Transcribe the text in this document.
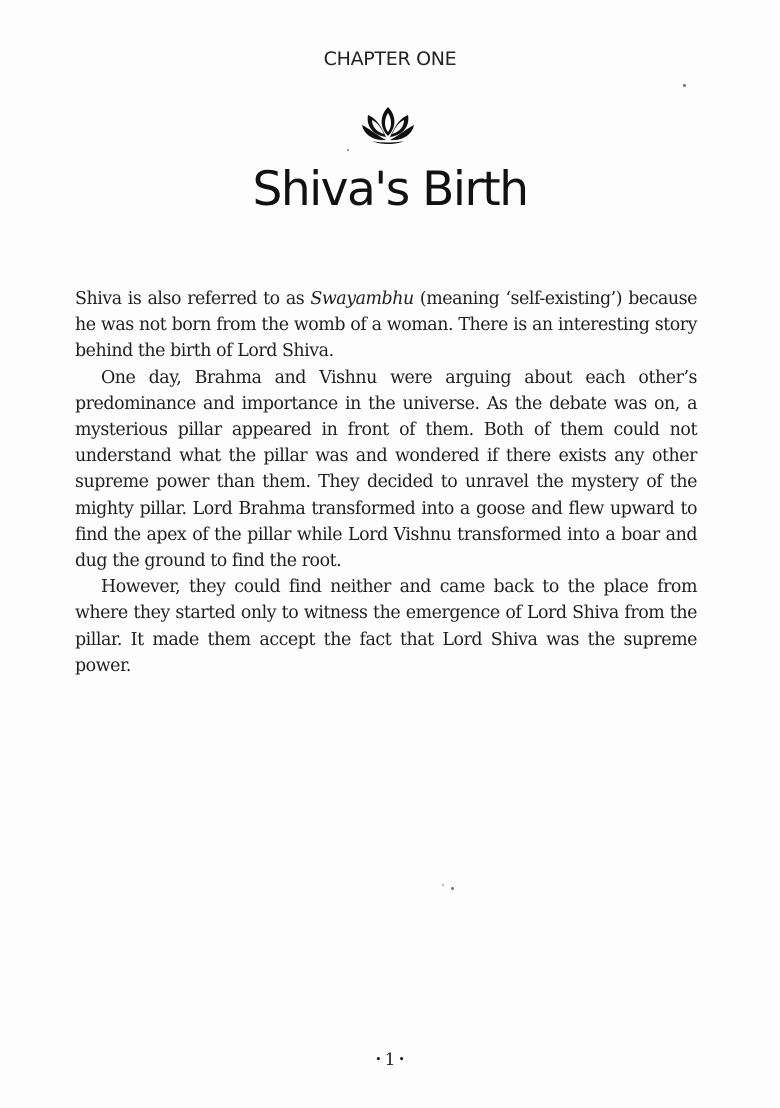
CHAPTER ONE
Shiva's Birth

Shiva is also referred to as Swayambhu (meaning ‘self-existing’) because he was not born from the womb of a woman. There is an interesting story behind the birth of Lord Shiva.

One day, Brahma and Vishnu were arguing about each other’s predominance and importance in the universe. As the debate was on, a mysterious pillar appeared in front of them. Both of them could not understand what the pillar was and wondered if there exists any other supreme power than them. They decided to unravel the mystery of the mighty pillar. Lord Brahma transformed into a goose and flew upward to find the apex of the pillar while Lord Vishnu transformed into a boar and dug the ground to find the root.

However, they could find neither and came back to the place from where they started only to witness the emergence of Lord Shiva from the pillar. It made them accept the fact that Lord Shiva was the supreme power.

• 1 •
